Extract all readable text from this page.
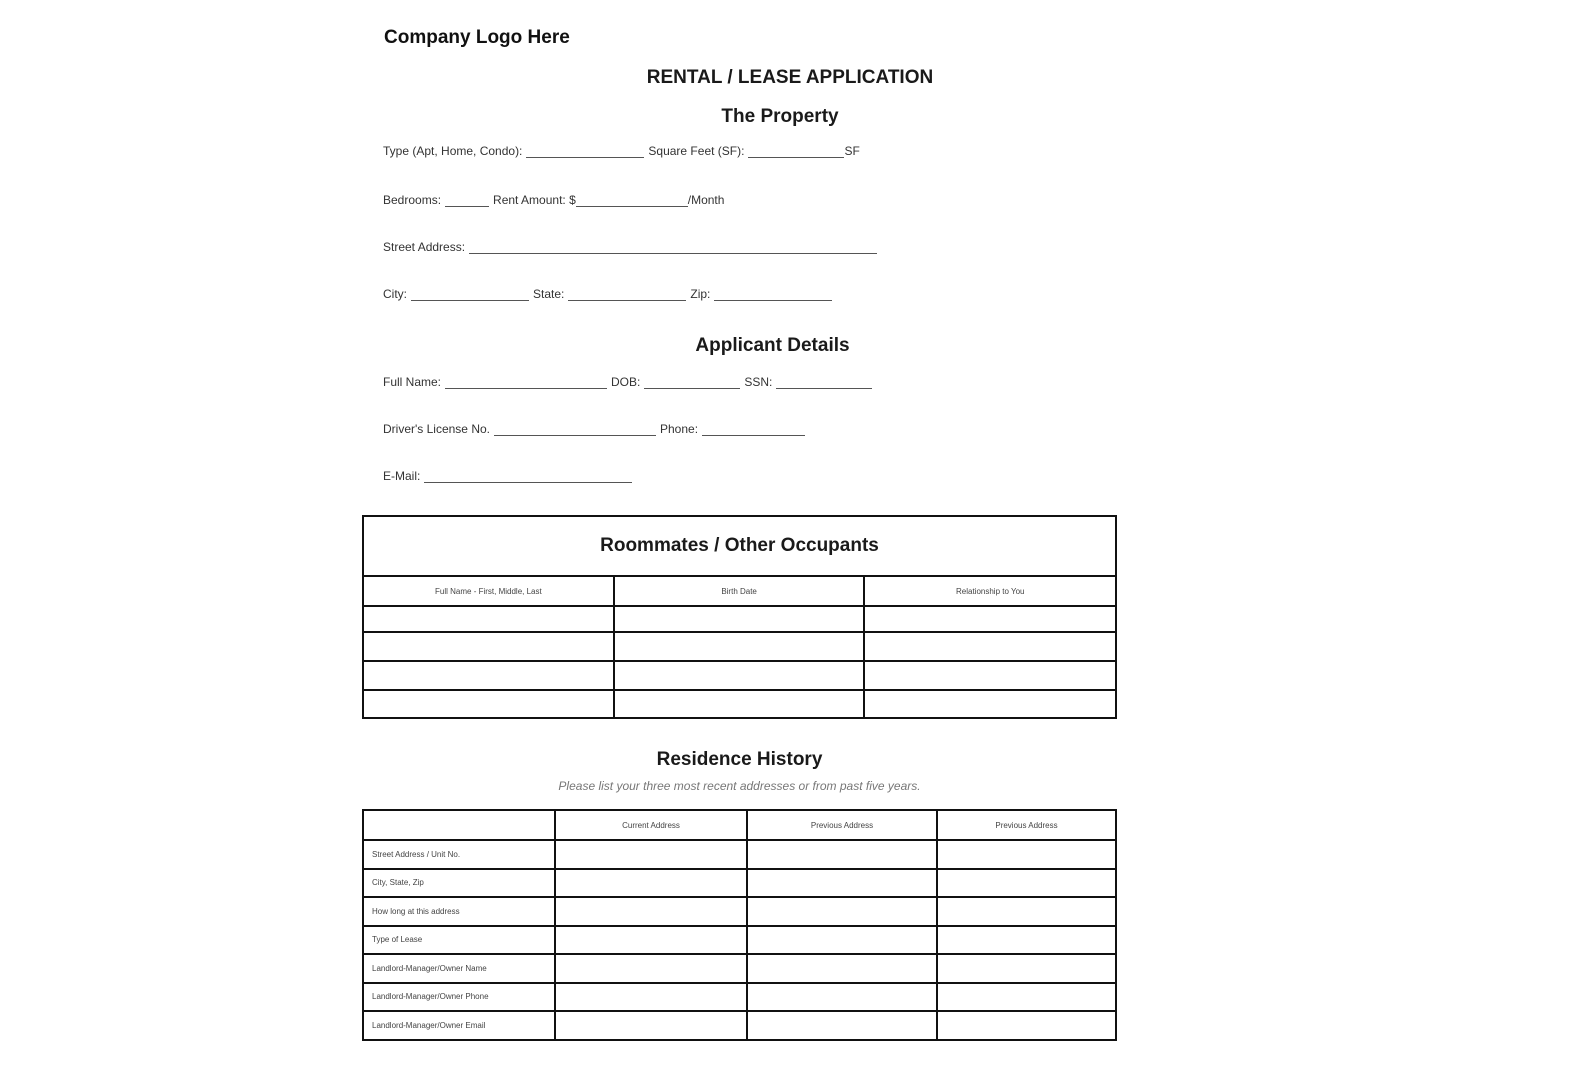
Company Logo Here
RENTAL / LEASE APPLICATION
The Property
Type (Apt, Home, Condo):	Square Feet (SF):	SF
Bedrooms:	Rent Amount: $	/Month
Street Address:
City:	State:	Zip:
Applicant Details
Full Name:	DOB:	SSN:
Driver's License No.	Phone:
E-Mail:
Roommates / Other Occupants		
Full Name - First, Middle, Last	Birth Date	Relationship to You

Residence History
Please list your three most recent addresses or from past five years.
	Current Address	Previous Address	Previous Address
Street Address / Unit No.			
City, State, Zip			
How long at this address			
Type of Lease			
Landlord-Manager/Owner Name			
Landlord-Manager/Owner Phone			
Landlord-Manager/Owner Email			
